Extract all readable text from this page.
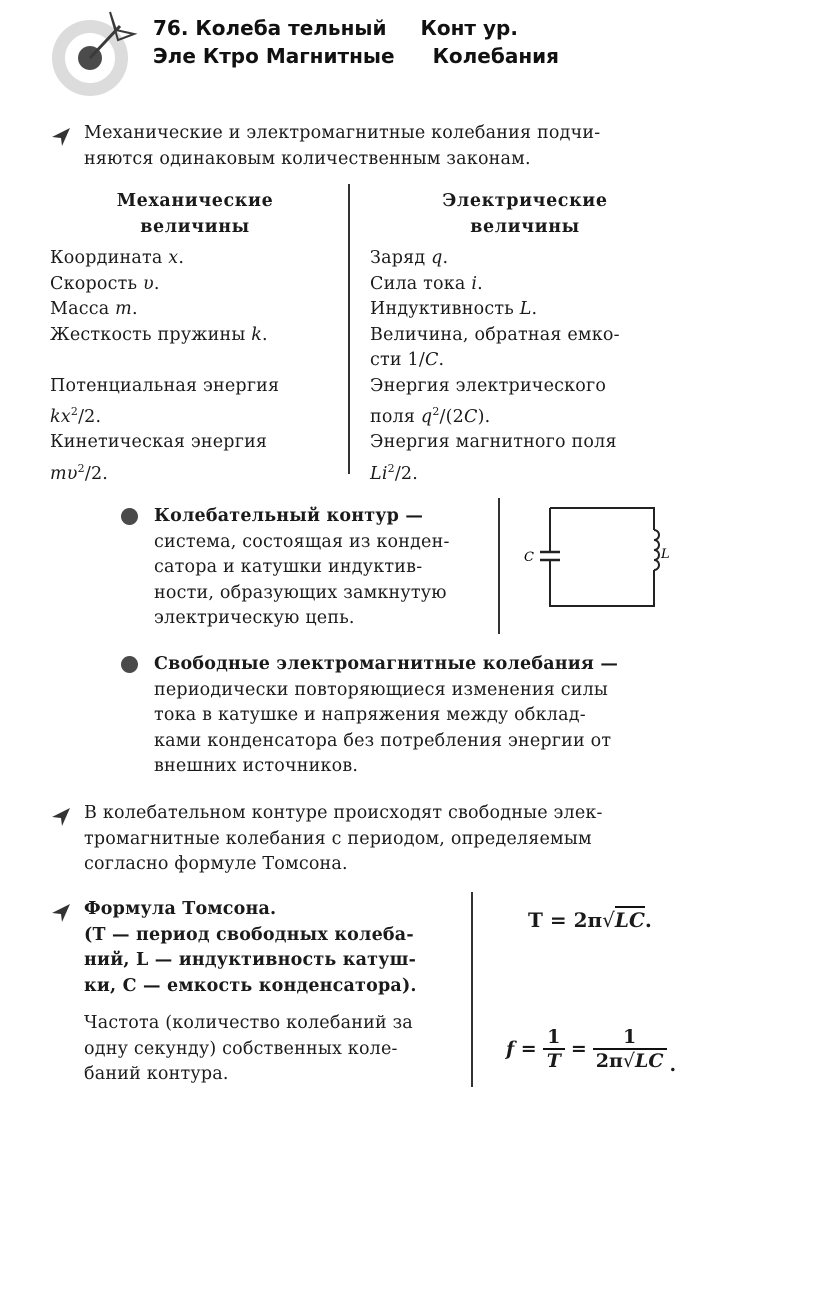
76. Колеба тельный Конт ур.
Эле Ктро Магнитные Колебания
Механические и электромагнитные колебания подчи-
няются одинаковым количественным законам.
Механические
величины
Электрические
величины
Координата x.
Скорость υ.
Масса m.
Жесткость пружины k.
Потенциальная энергия
$kx^2/2$.
Кинетическая энергия
$m\upsilon^2/2$.
Заряд q.
Сила тока i.
Индуктивность L.
Величина, обратная емко-
сти 1/C.
Энергия электрического
поля $q^2/(2C)$.
Энергия магнитного поля
Li$^2$/2.
Колебательный контур —
система, состоящая из конден-
сатора и катушки индуктив-
ности, образующих замкнутую
электрическую цепь.
C	L
Свободные электромагнитные колебания —
периодически повторяющиеся изменения силы
тока в катушке и напряжения между обклад-
ками конденсатора без потребления энергии от
внешних источников.
В колебательном контуре происходят свободные элек-
тромагнитные колебания с периодом, определяемым
согласно формуле Томсона.
Формула Томсона.
(T — период свободных колеба-
ний, L — индуктивность катуш-
ки, C — емкость конденсатора).
Частота (количество колебаний за
одну секунду) собственных коле-
баний контура.
T = 2π√LC.
$f = \frac{1}{T} = \frac{1}{2\pi√LC}$ .
